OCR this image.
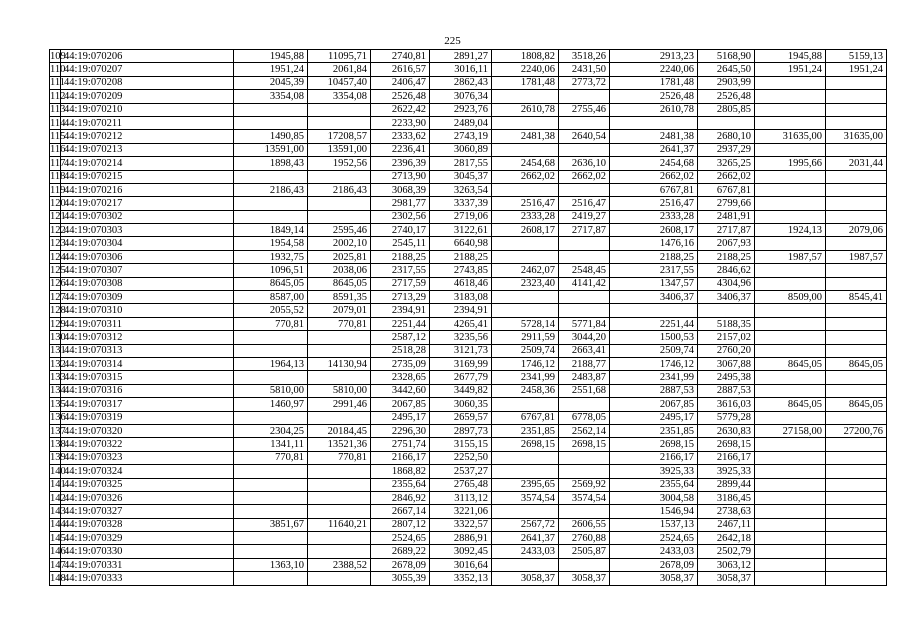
225
109	44:19:070206	1945,88	11095,71	2740,81	2891,27	1808,82	3518,26	2913,23	5168,90	1945,88	5159,13
110	44:19:070207	1951,24	2061,84	2616,57	3016,11	2240,06	2431,50	2240,06	2645,50	1951,24	1951,24
111	44:19:070208	2045,39	10457,40	2406,47	2862,43	1781,48	2773,72	1781,48	2903,99		
112	44:19:070209	3354,08	3354,08	2526,48	3076,34			2526,48	2526,48		
113	44:19:070210			2622,42	2923,76	2610,78	2755,46	2610,78	2805,85		
114	44:19:070211			2233,90	2489,04						
115	44:19:070212	1490,85	17208,57	2333,62	2743,19	2481,38	2640,54	2481,38	2680,10	31635,00	31635,00
116	44:19:070213	13591,00	13591,00	2236,41	3060,89			2641,37	2937,29		
117	44:19:070214	1898,43	1952,56	2396,39	2817,55	2454,68	2636,10	2454,68	3265,25	1995,66	2031,44
118	44:19:070215			2713,90	3045,37	2662,02	2662,02	2662,02	2662,02		
119	44:19:070216	2186,43	2186,43	3068,39	3263,54			6767,81	6767,81		
120	44:19:070217			2981,77	3337,39	2516,47	2516,47	2516,47	2799,66		
121	44:19:070302			2302,56	2719,06	2333,28	2419,27	2333,28	2481,91		
122	44:19:070303	1849,14	2595,46	2740,17	3122,61	2608,17	2717,87	2608,17	2717,87	1924,13	2079,06
123	44:19:070304	1954,58	2002,10	2545,11	6640,98			1476,16	2067,93		
124	44:19:070306	1932,75	2025,81	2188,25	2188,25			2188,25	2188,25	1987,57	1987,57
125	44:19:070307	1096,51	2038,06	2317,55	2743,85	2462,07	2548,45	2317,55	2846,62		
126	44:19:070308	8645,05	8645,05	2717,59	4618,46	2323,40	4141,42	1347,57	4304,96		
127	44:19:070309	8587,00	8591,35	2713,29	3183,08			3406,37	3406,37	8509,00	8545,41
128	44:19:070310	2055,52	2079,01	2394,91	2394,91						
129	44:19:070311	770,81	770,81	2251,44	4265,41	5728,14	5771,84	2251,44	5188,35		
130	44:19:070312			2587,12	3235,56	2911,59	3044,20	1500,53	2157,02		
131	44:19:070313			2518,28	3121,73	2509,74	2663,41	2509,74	2760,20		
132	44:19:070314	1964,13	14130,94	2735,09	3169,99	1746,12	2188,77	1746,12	3067,88	8645,05	8645,05
133	44:19:070315			2328,65	2677,79	2341,99	2483,87	2341,99	2495,38		
134	44:19:070316	5810,00	5810,00	3442,60	3449,82	2458,36	2551,68	2887,53	2887,53		
135	44:19:070317	1460,97	2991,46	2067,85	3060,35			2067,85	3616,03	8645,05	8645,05
136	44:19:070319			2495,17	2659,57	6767,81	6778,05	2495,17	5779,28		
137	44:19:070320	2304,25	20184,45	2296,30	2897,73	2351,85	2562,14	2351,85	2630,83	27158,00	27200,76
138	44:19:070322	1341,11	13521,36	2751,74	3155,15	2698,15	2698,15	2698,15	2698,15		
139	44:19:070323	770,81	770,81	2166,17	2252,50			2166,17	2166,17		
140	44:19:070324			1868,82	2537,27			3925,33	3925,33		
141	44:19:070325			2355,64	2765,48	2395,65	2569,92	2355,64	2899,44		
142	44:19:070326			2846,92	3113,12	3574,54	3574,54	3004,58	3186,45		
143	44:19:070327			2667,14	3221,06			1546,94	2738,63		
144	44:19:070328	3851,67	11640,21	2807,12	3322,57	2567,72	2606,55	1537,13	2467,11		
145	44:19:070329			2524,65	2886,91	2641,37	2760,88	2524,65	2642,18		
146	44:19:070330			2689,22	3092,45	2433,03	2505,87	2433,03	2502,79		
147	44:19:070331	1363,10	2388,52	2678,09	3016,64			2678,09	3063,12		
148	44:19:070333			3055,39	3352,13	3058,37	3058,37	3058,37	3058,37		
